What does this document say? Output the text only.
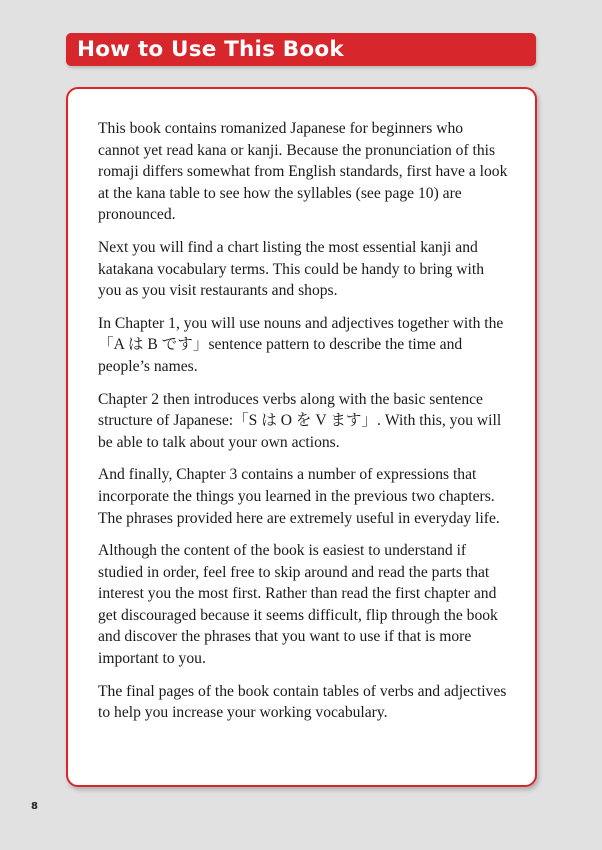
How to Use This Book

This book contains romanized Japanese for beginners who cannot yet read kana or kanji. Because the pronunciation of this romaji differs somewhat from English standards, first have a look at the kana table to see how the syllables (see page 10) are pronounced.

Next you will find a chart listing the most essential kanji and katakana vocabulary terms. This could be handy to bring with you as you visit restaurants and shops.

In Chapter 1, you will use nouns and adjectives together with the「A は B です」sentence pattern to describe the time and people’s names.

Chapter 2 then introduces verbs along with the basic sentence structure of Japanese:「S は O を V ます」. With this, you will be able to talk about your own actions.

And finally, Chapter 3 contains a number of expressions that incorporate the things you learned in the previous two chapters. The phrases provided here are extremely useful in everyday life.

Although the content of the book is easiest to understand if studied in order, feel free to skip around and read the parts that interest you the most first. Rather than read the first chapter and get discouraged because it seems difficult, flip through the book and discover the phrases that you want to use if that is more important to you.

The final pages of the book contain tables of verbs and adjectives to help you increase your working vocabulary.

8
